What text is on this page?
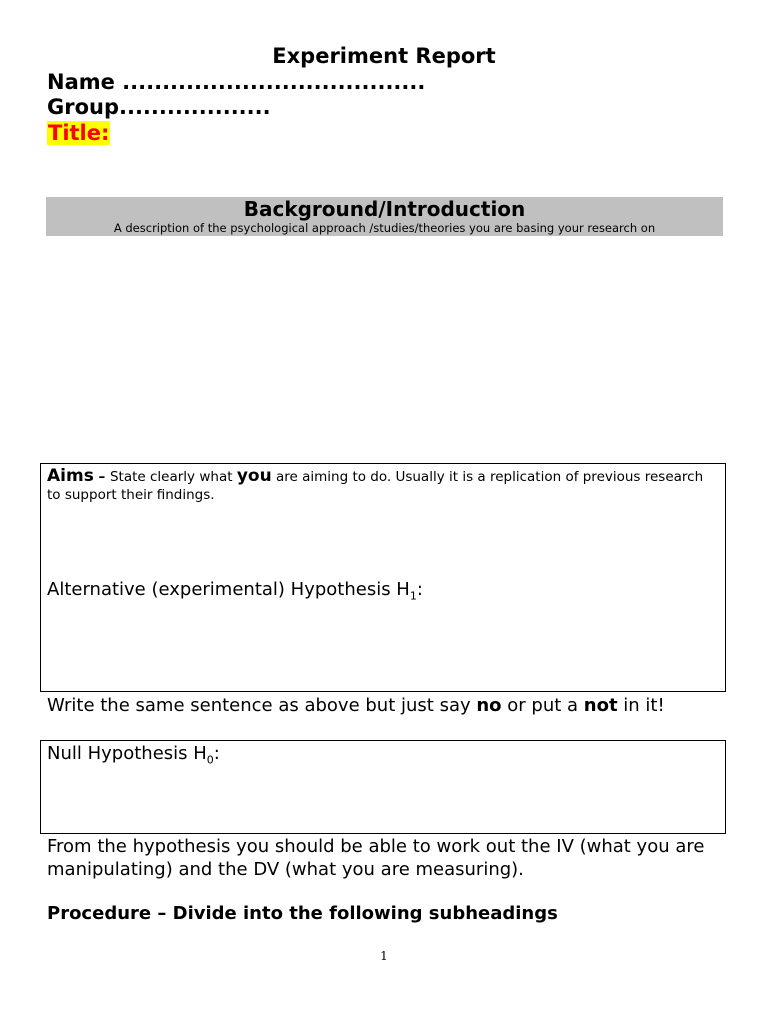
Experiment Report
Name ......................................
Group...................
Title:
Background/Introduction
A description of the psychological approach /studies/theories you are basing your research on
Aims – State clearly what you are aiming to do. Usually it is a replication of previous research to support their findings.
Alternative (experimental) Hypothesis $H_1$:
Write the same sentence as above but just say no or put a not in it!
Null Hypothesis $H_0$:
From the hypothesis you should be able to work out the IV (what you are manipulating) and the DV (what you are measuring).
Procedure – Divide into the following subheadings
1
